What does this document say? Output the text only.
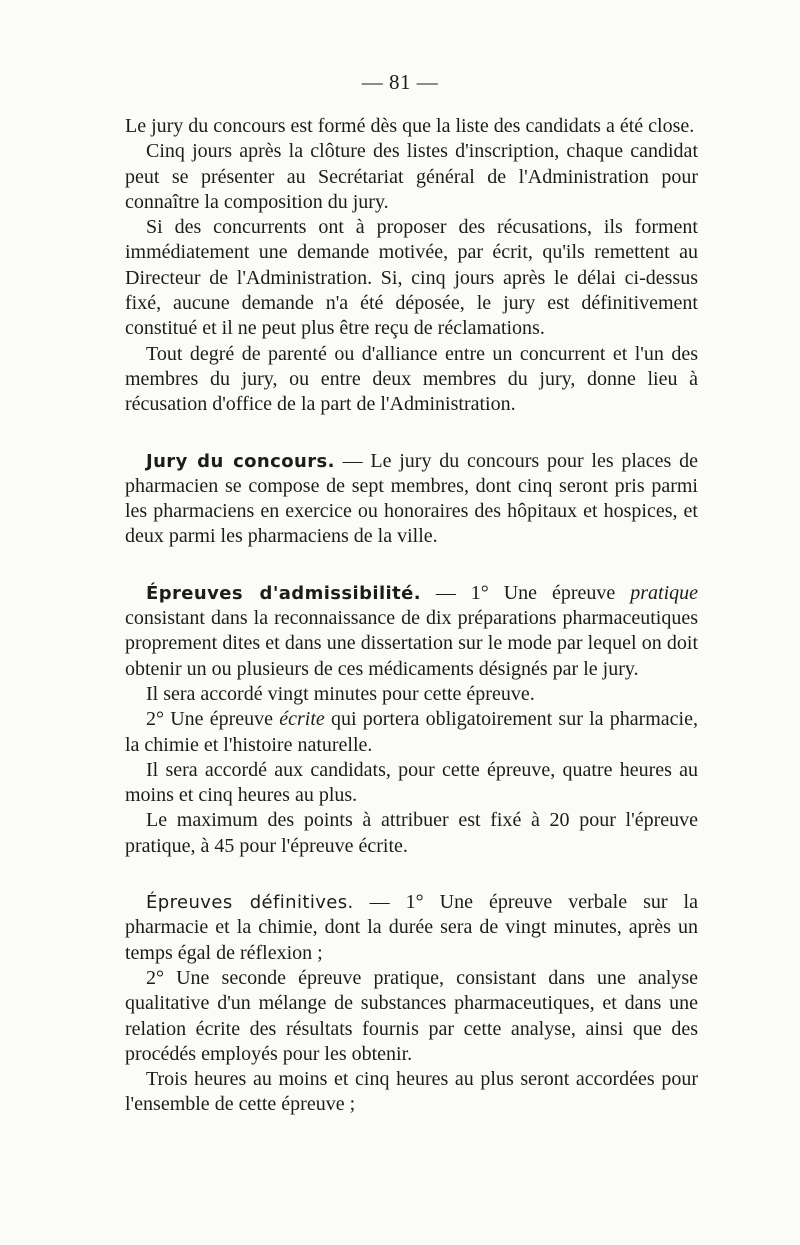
— 81 —

Le jury du concours est formé dès que la liste des candidats a été close.

Cinq jours après la clôture des listes d'inscription, chaque candidat peut se présenter au Secrétariat général de l'Administration pour connaître la composition du jury.

Si des concurrents ont à proposer des récusations, ils forment immédiatement une demande motivée, par écrit, qu'ils remettent au Directeur de l'Administration. Si, cinq jours après le délai ci-dessus fixé, aucune demande n'a été déposée, le jury est définitivement constitué et il ne peut plus être reçu de réclamations.

Tout degré de parenté ou d'alliance entre un concurrent et l'un des membres du jury, ou entre deux membres du jury, donne lieu à récusation d'office de la part de l'Administration.

Jury du concours. — Le jury du concours pour les places de pharmacien se compose de sept membres, dont cinq seront pris parmi les pharmaciens en exercice ou honoraires des hôpitaux et hospices, et deux parmi les pharmaciens de la ville.

Épreuves d'admissibilité. — 1° Une épreuve pratique consistant dans la reconnaissance de dix préparations pharmaceutiques proprement dites et dans une dissertation sur le mode par lequel on doit obtenir un ou plusieurs de ces médicaments désignés par le jury.

Il sera accordé vingt minutes pour cette épreuve.

2° Une épreuve écrite qui portera obligatoirement sur la pharmacie, la chimie et l'histoire naturelle.

Il sera accordé aux candidats, pour cette épreuve, quatre heures au moins et cinq heures au plus.

Le maximum des points à attribuer est fixé à 20 pour l'épreuve pratique, à 45 pour l'épreuve écrite.

Épreuves définitives. — 1° Une épreuve verbale sur la pharmacie et la chimie, dont la durée sera de vingt minutes, après un temps égal de réflexion ;

2° Une seconde épreuve pratique, consistant dans une analyse qualitative d'un mélange de substances pharmaceutiques, et dans une relation écrite des résultats fournis par cette analyse, ainsi que des procédés employés pour les obtenir.

Trois heures au moins et cinq heures au plus seront accordées pour l'ensemble de cette épreuve ;
